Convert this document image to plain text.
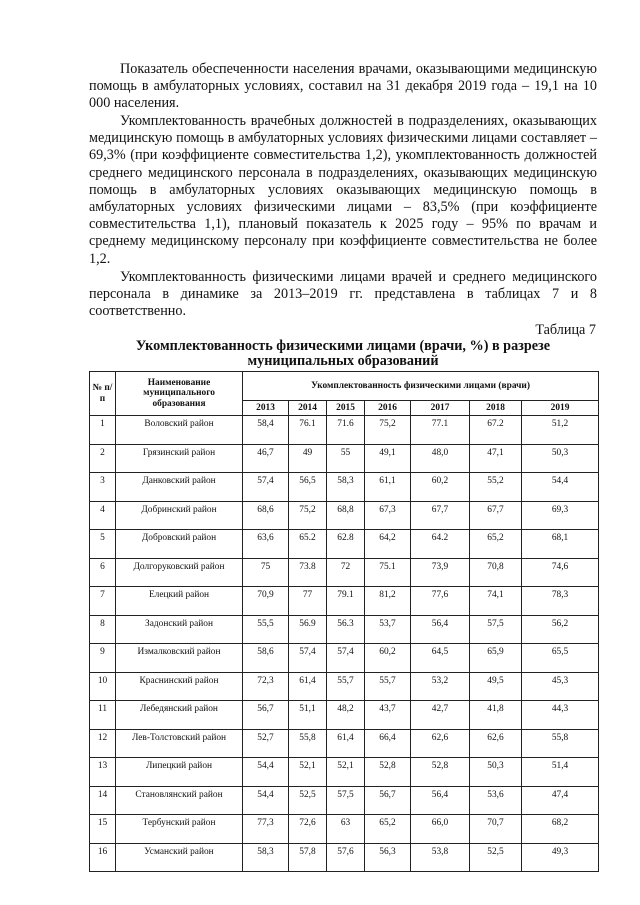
Показатель обеспеченности населения врачами, оказывающими медицинскую помощь в амбулаторных условиях, составил на 31 декабря 2019 года – 19,1 на 10 000 населения.

Укомплектованность врачебных должностей в подразделениях, оказывающих медицинскую помощь в амбулаторных условиях физическими лицами составляет – 69,3% (при коэффициенте совместительства 1,2), укомплектованность должностей среднего медицинского персонала в подразделениях, оказывающих медицинскую помощь в амбулаторных условиях оказывающих медицинскую помощь в амбулаторных условиях физическими лицами – 83,5% (при коэффициенте совместительства 1,1), плановый показатель к 2025 году – 95% по врачам и среднему медицинскому персоналу при коэффициенте совместительства не более 1,2.

Укомплектованность физическими лицами врачей и среднего медицинского персонала в динамике за 2013–2019 гг. представлена в таблицах 7 и 8 соответственно.

Таблица 7

Укомплектованность физическими лицами (врачи, %) в разрезе муниципальных образований

№ п/п	Наименование муниципального образования	Укомплектованность физическими лицами (врачи)						
		2013	2014	2015	2016	2017	2018	2019
1	Воловский район	58,4	76.1	71.6	75,2	77.1	67.2	51,2
2	Грязинский район	46,7	49	55	49,1	48,0	47,1	50,3
3	Данковский район	57,4	56,5	58,3	61,1	60,2	55,2	54,4
4	Добринский район	68,6	75,2	68,8	67,3	67,7	67,7	69,3
5	Добровский район	63,6	65.2	62.8	64,2	64.2	65,2	68,1
6	Долгоруковский район	75	73.8	72	75.1	73,9	70,8	74,6
7	Елецкий район	70,9	77	79.1	81,2	77,6	74,1	78,3
8	Задонский район	55,5	56.9	56.3	53,7	56,4	57,5	56,2
9	Измалковский район	58,6	57,4	57,4	60,2	64,5	65,9	65,5
10	Краснинский район	72,3	61,4	55,7	55,7	53,2	49,5	45,3
11	Лебедянский район	56,7	51,1	48,2	43,7	42,7	41,8	44,3
12	Лев-Толстовский район	52,7	55,8	61,4	66,4	62,6	62,6	55,8
13	Липецкий район	54,4	52,1	52,1	52,8	52,8	50,3	51,4
14	Становлянский район	54,4	52,5	57,5	56,7	56,4	53,6	47,4
15	Тербунский район	77,3	72,6	63	65,2	66,0	70,7	68,2
16	Усманский район	58,3	57,8	57,6	56,3	53,8	52,5	49,3
